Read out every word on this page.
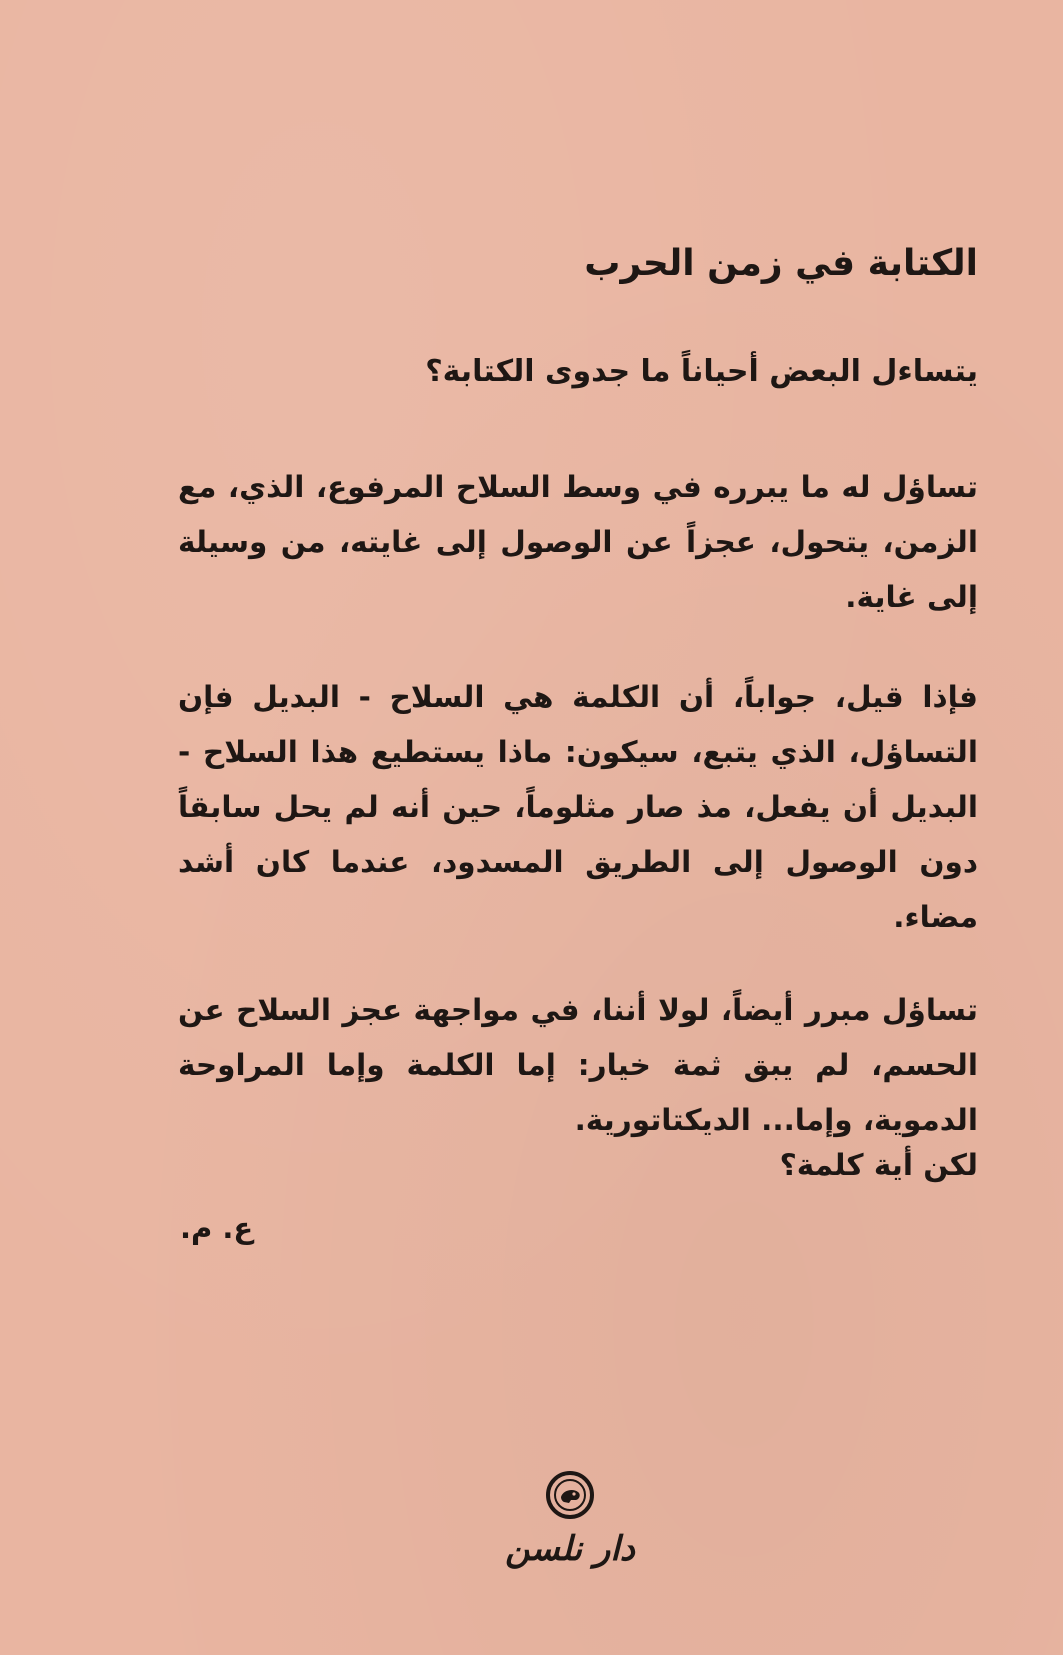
الكتابة في زمن الحرب

يتساءل البعض أحياناً ما جدوى الكتابة؟

تساؤل له ما يبرره في وسط السلاح المرفوع، الذي، مع الزمن، يتحول، عجزاً عن الوصول إلى غايته، من وسيلة إلى غاية.

فإذا قيل، جواباً، أن الكلمة هي السلاح - البديل فإن التساؤل، الذي يتبع، سيكون: ماذا يستطيع هذا السلاح - البديل أن يفعل، مذ صار مثلوماً، حين أنه لم يحل سابقاً دون الوصول إلى الطريق المسدود، عندما كان أشد مضاء.

تساؤل مبرر أيضاً، لولا أننا، في مواجهة عجز السلاح عن الحسم، لم يبق ثمة خيار: إما الكلمة وإما المراوحة الدموية، وإما... الديكتاتورية.

لكن أية كلمة؟

ع. م.

دار نلسن
